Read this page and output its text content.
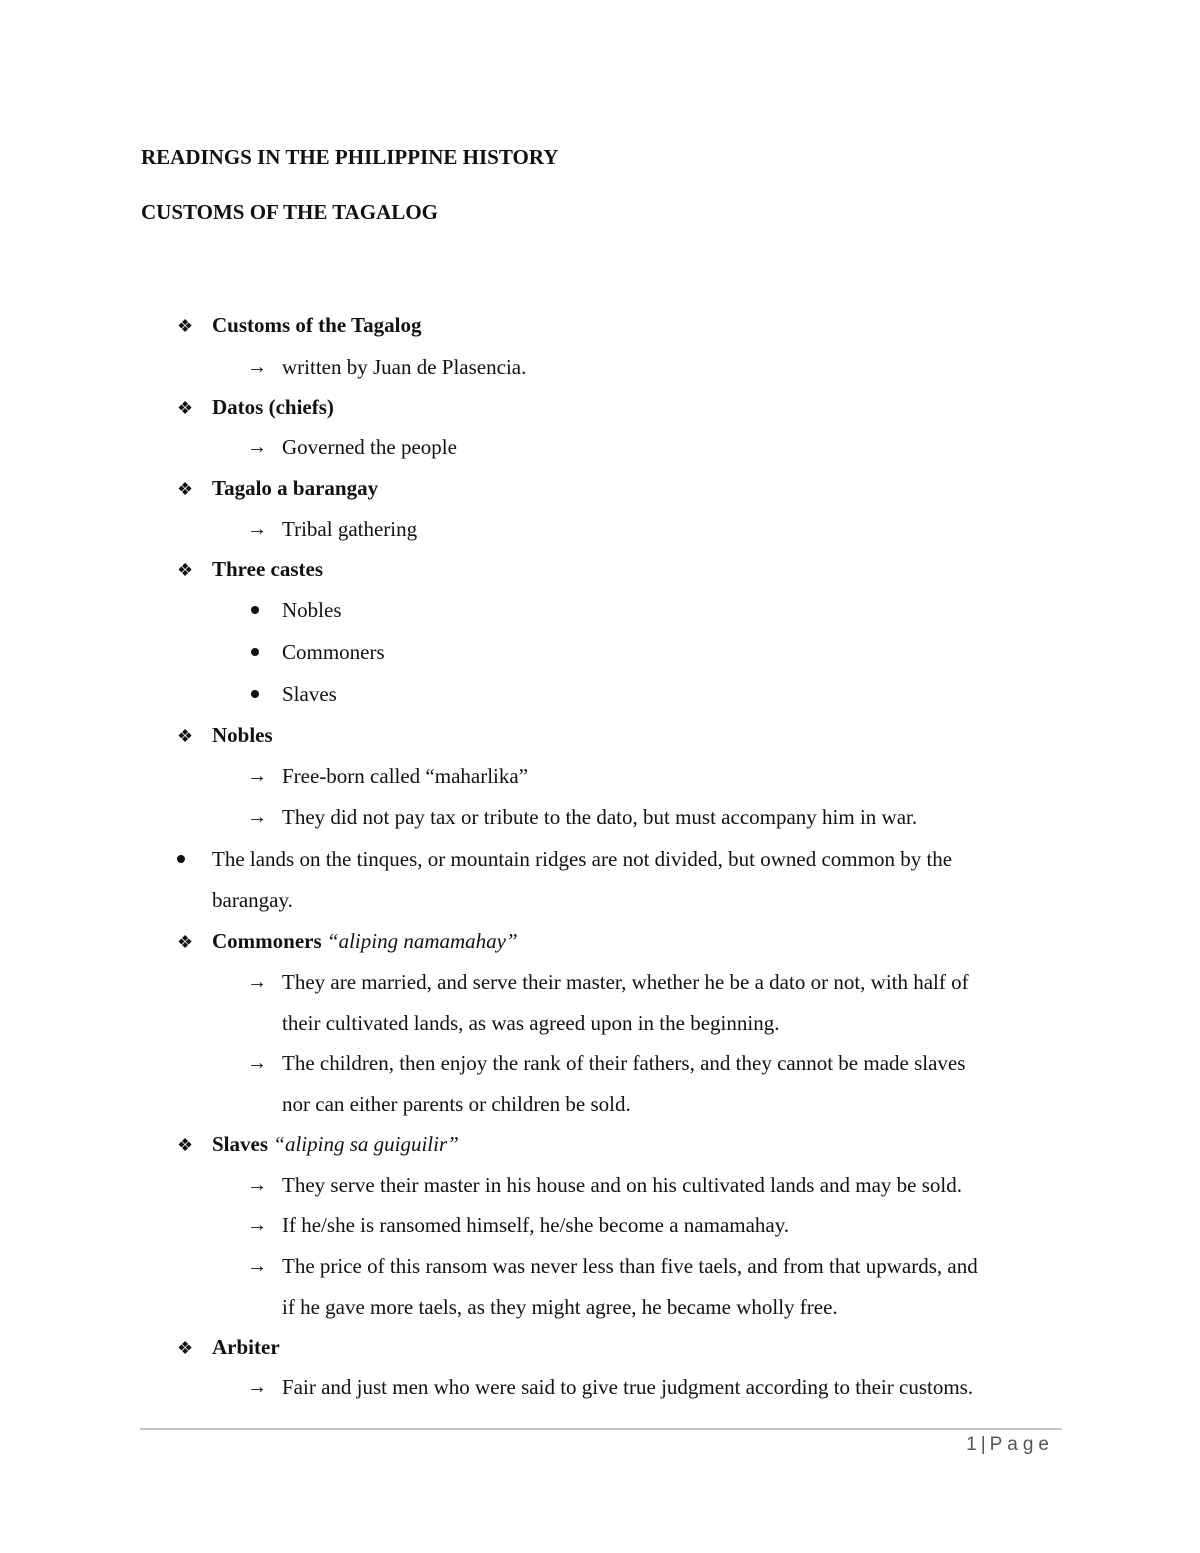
READINGS IN THE PHILIPPINE HISTORY
CUSTOMS OF THE TAGALOG
❖ Customs of the Tagalog
→ written by Juan de Plasencia.
❖ Datos (chiefs)
→ Governed the people
❖ Tagalo a barangay
→ Tribal gathering
❖ Three castes
Nobles
Commoners
Slaves
❖ Nobles
→ Free-born called “maharlika”
→ They did not pay tax or tribute to the dato, but must accompany him in war.
The lands on the tinques, or mountain ridges are not divided, but owned common by the
barangay.
❖ Commoners “aliping namamahay”
→ They are married, and serve their master, whether he be a dato or not, with half of
their cultivated lands, as was agreed upon in the beginning.
→ The children, then enjoy the rank of their fathers, and they cannot be made slaves
nor can either parents or children be sold.
❖ Slaves “aliping sa guiguilir”
→ They serve their master in his house and on his cultivated lands and may be sold.
→ If he/she is ransomed himself, he/she become a namamahay.
→ The price of this ransom was never less than five taels, and from that upwards, and
if he gave more taels, as they might agree, he became wholly free.
❖ Arbiter
→ Fair and just men who were said to give true judgment according to their customs.
1 | Page
